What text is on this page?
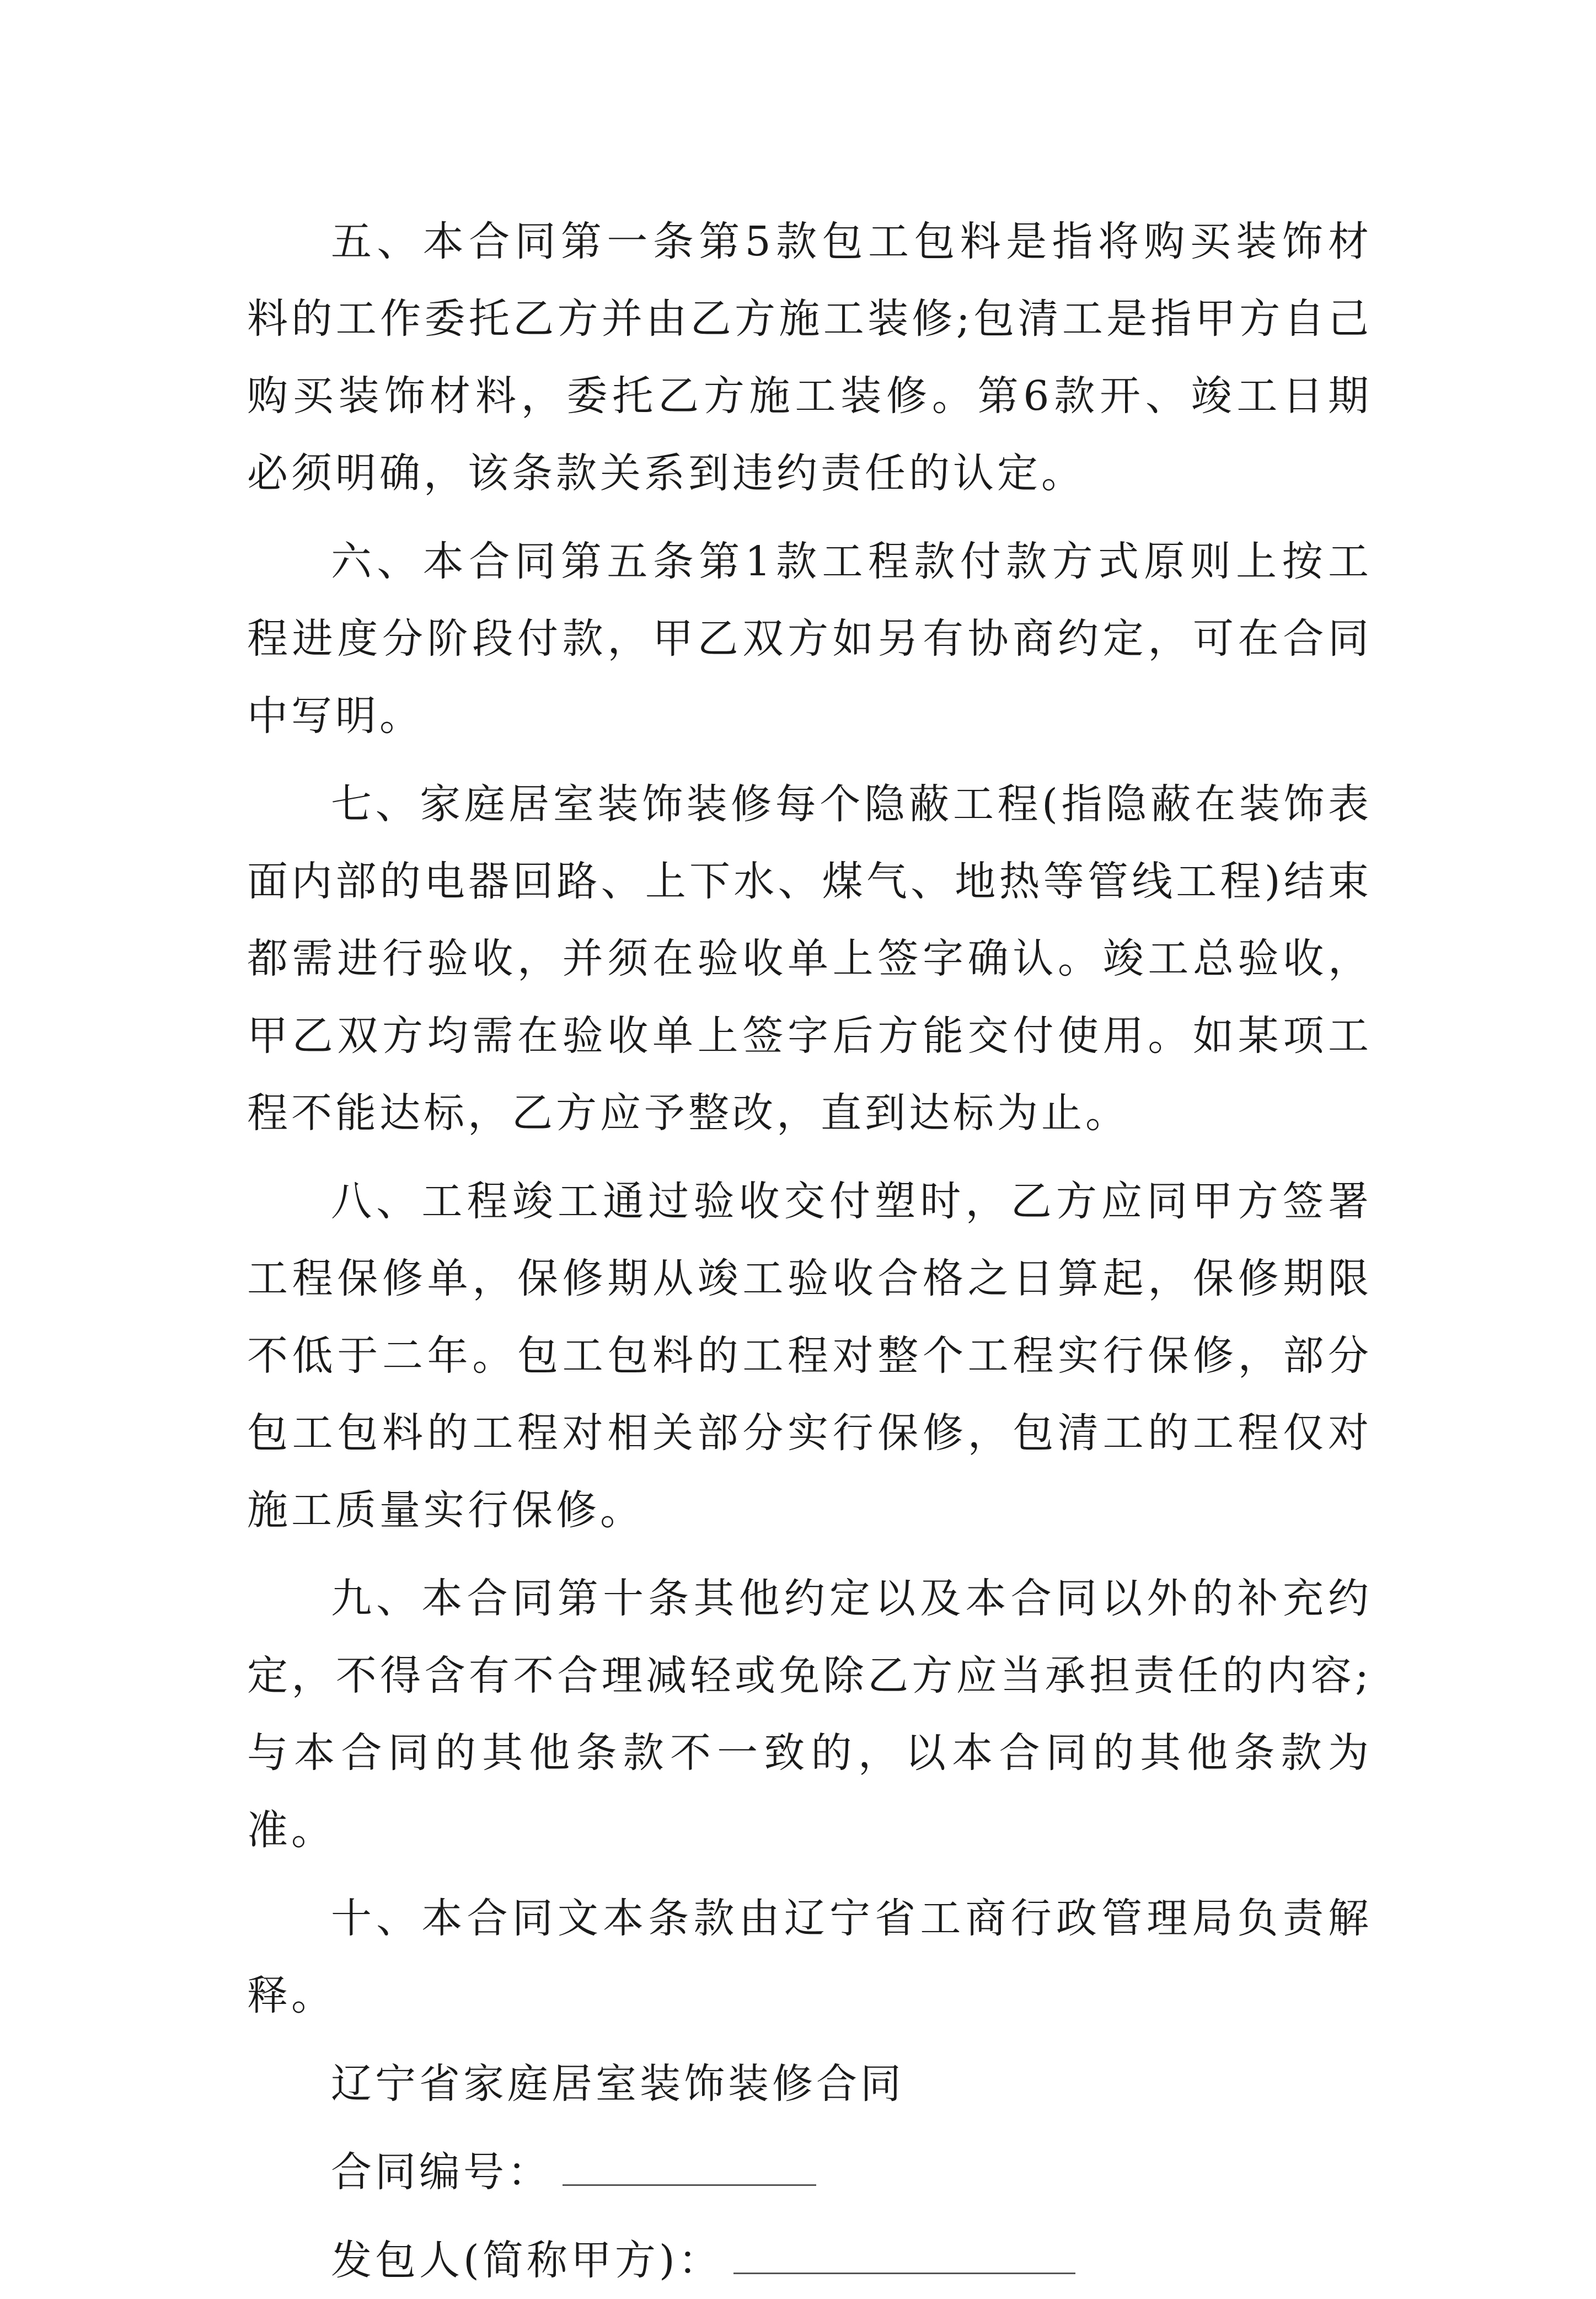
五、本合同第一条第5款包工包料是指将购买装饰材料的工作委托乙方并由乙方施工装修;包清工是指甲方自己购买装饰材料，委托乙方施工装修。第6款开、竣工日期必须明确，该条款关系到违约责任的认定。

六、本合同第五条第1款工程款付款方式原则上按工程进度分阶段付款，甲乙双方如另有协商约定，可在合同中写明。

七、家庭居室装饰装修每个隐蔽工程(指隐蔽在装饰表面内部的电器回路、上下水、煤气、地热等管线工程)结束都需进行验收，并须在验收单上签字确认。竣工总验收，甲乙双方均需在验收单上签字后方能交付使用。如某项工程不能达标，乙方应予整改，直到达标为止。

八、工程竣工通过验收交付塑时，乙方应同甲方签署工程保修单，保修期从竣工验收合格之日算起，保修期限不低于二年。包工包料的工程对整个工程实行保修，部分包工包料的工程对相关部分实行保修，包清工的工程仅对施工质量实行保修。

九、本合同第十条其他约定以及本合同以外的补充约定，不得含有不合理减轻或免除乙方应当承担责任的内容;与本合同的其他条款不一致的，以本合同的其他条款为准。

十、本合同文本条款由辽宁省工商行政管理局负责解释。

辽宁省家庭居室装饰装修合同

合同编号：
发包人(简称甲方)：
